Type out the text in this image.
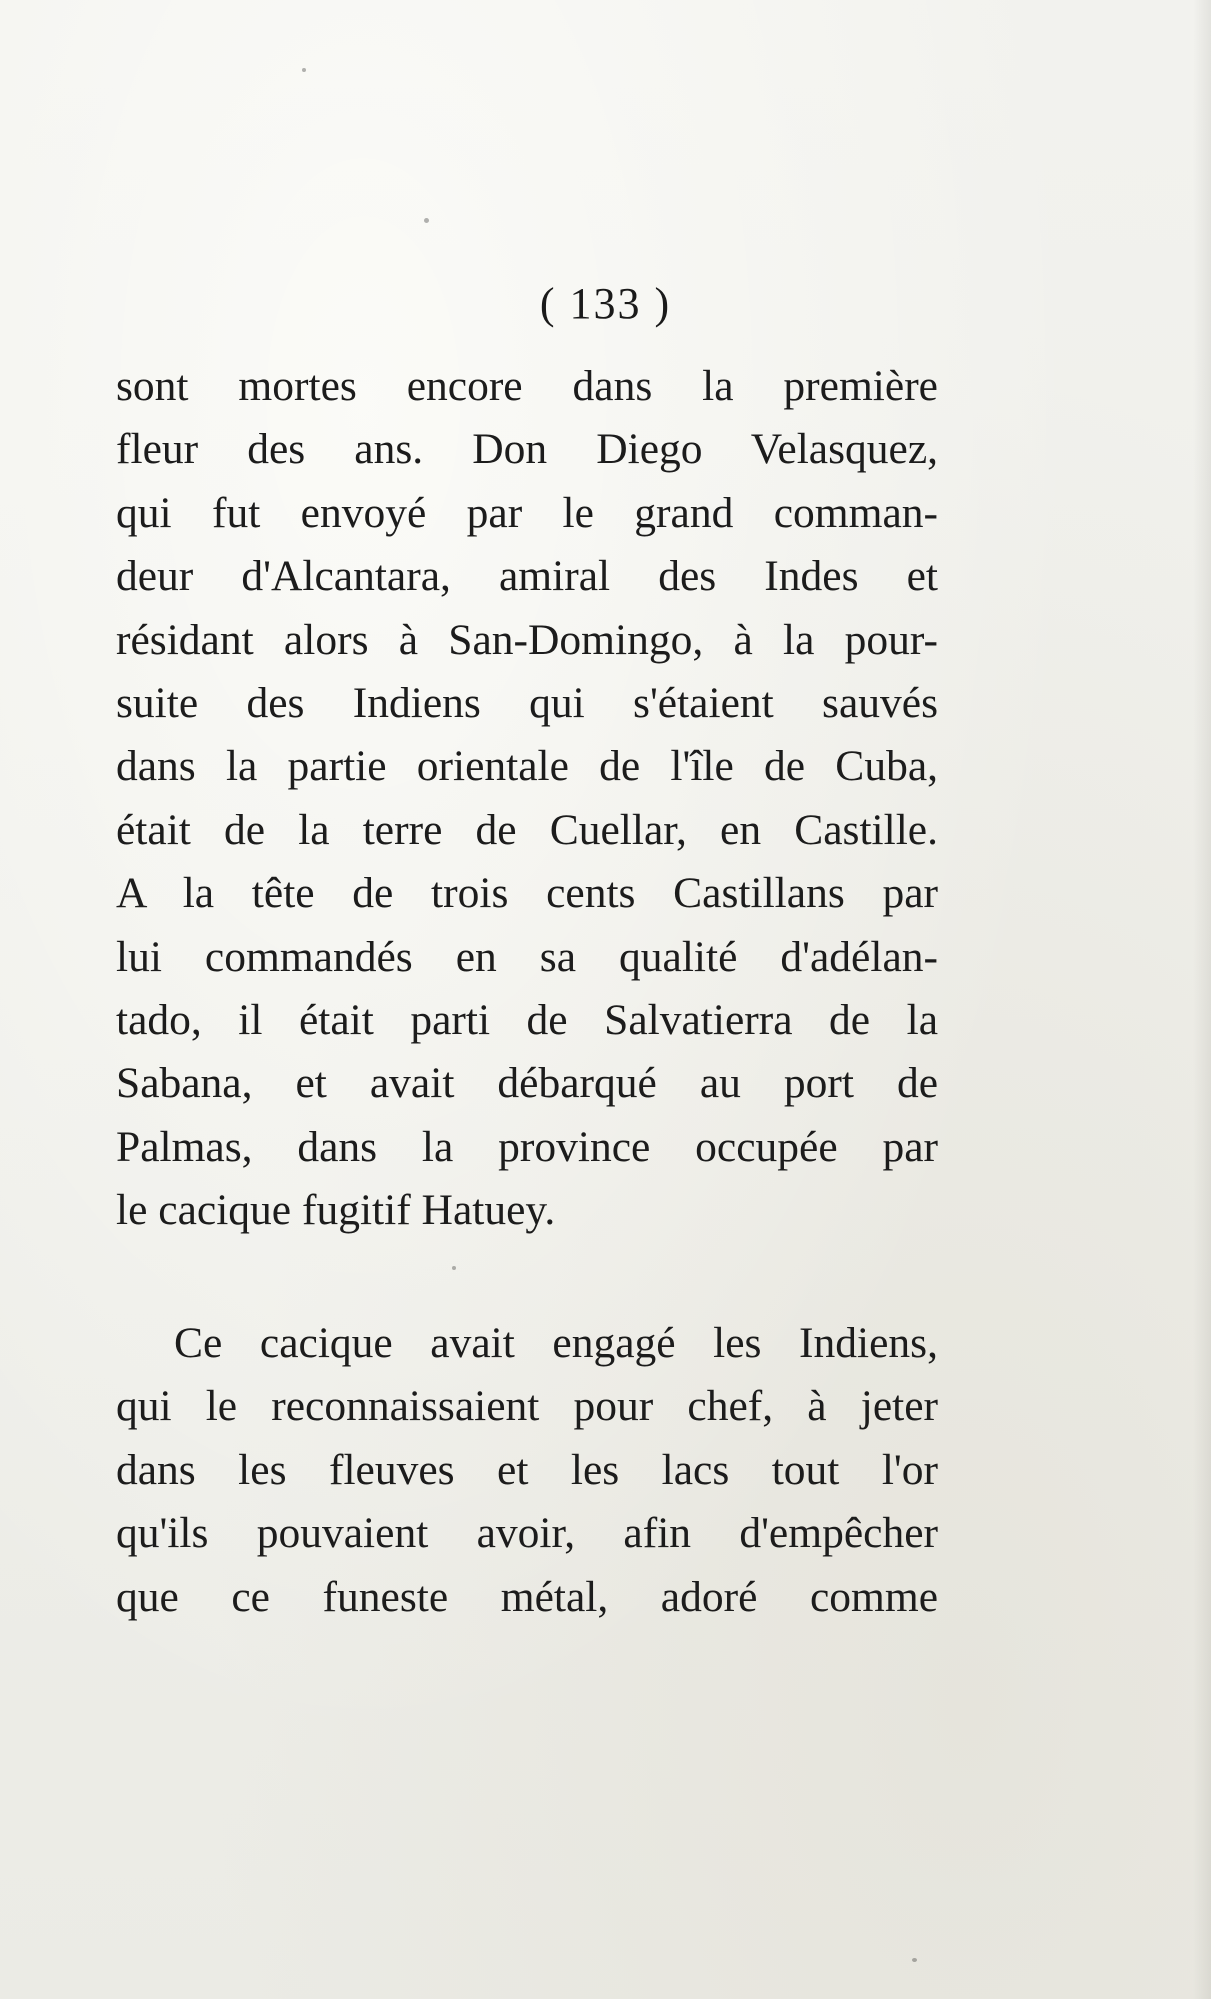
( 133 )

sont mortes encore dans la première
fleur des ans. Don Diego Velasquez,
qui fut envoyé par le grand comman-
deur d'Alcantara, amiral des Indes et
résidant alors à San-Domingo, à la pour-
suite des Indiens qui s'étaient sauvés
dans la partie orientale de l'île de Cuba,
était de la terre de Cuellar, en Castille.
A la tête de trois cents Castillans par
lui commandés en sa qualité d'adélan-
tado, il était parti de Salvatierra de la
Sabana, et avait débarqué au port de
Palmas, dans la province occupée par
le cacique fugitif Hatuey.

Ce cacique avait engagé les Indiens,
qui le reconnaissaient pour chef, à jeter
dans les fleuves et les lacs tout l'or
qu'ils pouvaient avoir, afin d'empêcher
que ce funeste métal, adoré comme
